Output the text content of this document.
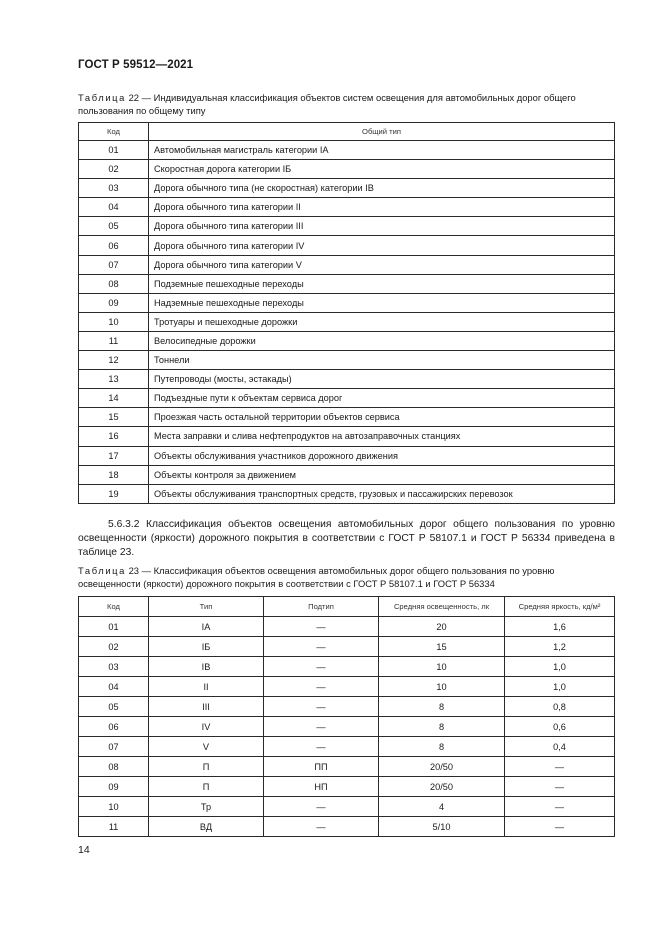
ГОСТ Р 59512—2021
Таблица 22 — Индивидуальная классификация объектов систем освещения для автомобильных дорог общего пользования по общему типу
Код	Общий тип
01	Автомобильная магистраль категории IA
02	Скоростная дорога категории IБ
03	Дорога обычного типа (не скоростная) категории IB
04	Дорога обычного типа категории II
05	Дорога обычного типа категории III
06	Дорога обычного типа категории IV
07	Дорога обычного типа категории V
08	Подземные пешеходные переходы
09	Надземные пешеходные переходы
10	Тротуары и пешеходные дорожки
11	Велосипедные дорожки
12	Тоннели
13	Путепроводы (мосты, эстакады)
14	Подъездные пути к объектам сервиса дорог
15	Проезжая часть остальной территории объектов сервиса
16	Места заправки и слива нефтепродуктов на автозаправочных станциях
17	Объекты обслуживания участников дорожного движения
18	Объекты контроля за движением
19	Объекты обслуживания транспортных средств, грузовых и пассажирских перевозок
5.6.3.2 Классификация объектов освещения автомобильных дорог общего пользования по уровню освещенности (яркости) дорожного покрытия в соответствии с ГОСТ Р 58107.1 и ГОСТ Р 56334 приведена в таблице 23.
Таблица 23 — Классификация объектов освещения автомобильных дорог общего пользования по уровню освещенности (яркости) дорожного покрытия в соответствии с ГОСТ Р 58107.1 и ГОСТ Р 56334
Код	Тип	Подтип	Средняя освещенность, лк	Средняя яркость, кд/м²
01	IA	—	20	1,6
02	IБ	—	15	1,2
03	IB	—	10	1,0
04	II	—	10	1,0
05	III	—	8	0,8
06	IV	—	8	0,6
07	V	—	8	0,4
08	П	ПП	20/50	—
09	П	НП	20/50	—
10	Тр	—	4	—
11	ВД	—	5/10	—
14
